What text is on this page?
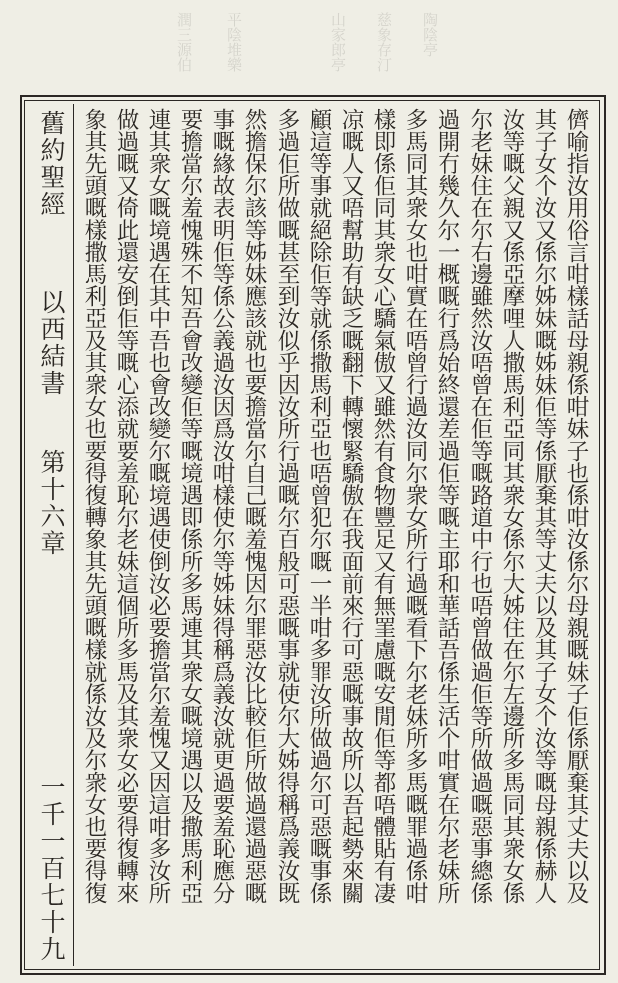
陶陰亭
慈象存汀
山家郎亭
平陰堆樂
潤三源伯
舊約聖經
以西結書
第十六章
一千一百七十九 象其先頭嘅樣撒馬利亞及其衆女也要得復轉象其先頭嘅樣就係汝及尔衆女也要得復 做過嘅又倚此還安倒佢等嘅心添就要羞恥尔老妹這個所多馬及其衆女必要得復轉來 連其衆女嘅境遇在其中吾也會改變尔嘅境遇使倒汝必要擔當尔羞愧又因這咁多汝所 要擔當尔羞愧殊不知吾會改變佢等嘅境遇即係所多馬連其衆女嘅境遇以及撒馬利亞 事嘅緣故表明佢等係公義過汝因爲汝咁樣使尔等姊妹得稱爲義汝就更過要羞恥應分 然擔保尔該等姊妹應該就也要擔當尔自己嘅羞愧因尔罪惡汝比較佢所做過還過惡嘅 多過佢所做嘅甚至到汝似乎因汝所行過嘅尔百般可惡嘅事就使尔大姊得稱爲義汝既 顧這等事就絕除佢等就係撒馬利亞也唔曾犯尔嘅一半咁多罪汝所做過尔可惡嘅事係 凉嘅人又唔幫助有缺乏嘅翻下轉懷緊驕傲在我面前來行可惡嘅事故所以吾起勢來關 樣即係佢同其衆女心驕氣傲又雖然有食物豐足又有無罣慮嘅安閒佢等都唔體貼有凄 多馬同其衆女也咁實在唔曾行過汝同尔衆女所行過嘅看下尔老妹所多馬嘅罪過係咁 過開冇幾久尔一概嘅行爲始終還差過佢等嘅主耶和華話吾係生活个咁實在尔老妹所 尔老妹住在尔右邊雖然汝唔曾在佢等嘅路道中行也唔曾做過佢等所做過嘅惡事總係 汝等嘅父親又係亞摩哩人撒馬利亞同其衆女係尔大姊住在尔左邊所多馬同其衆女係 其子女个汝又係尔姊妹嘅姊妹佢等係厭棄其等丈夫以及其子女个汝等嘅母親係赫人 儕喻指汝用俗言咁樣話母親係咁妹子也係咁汝係尔母親嘅妹子佢係厭棄其丈夫以及
